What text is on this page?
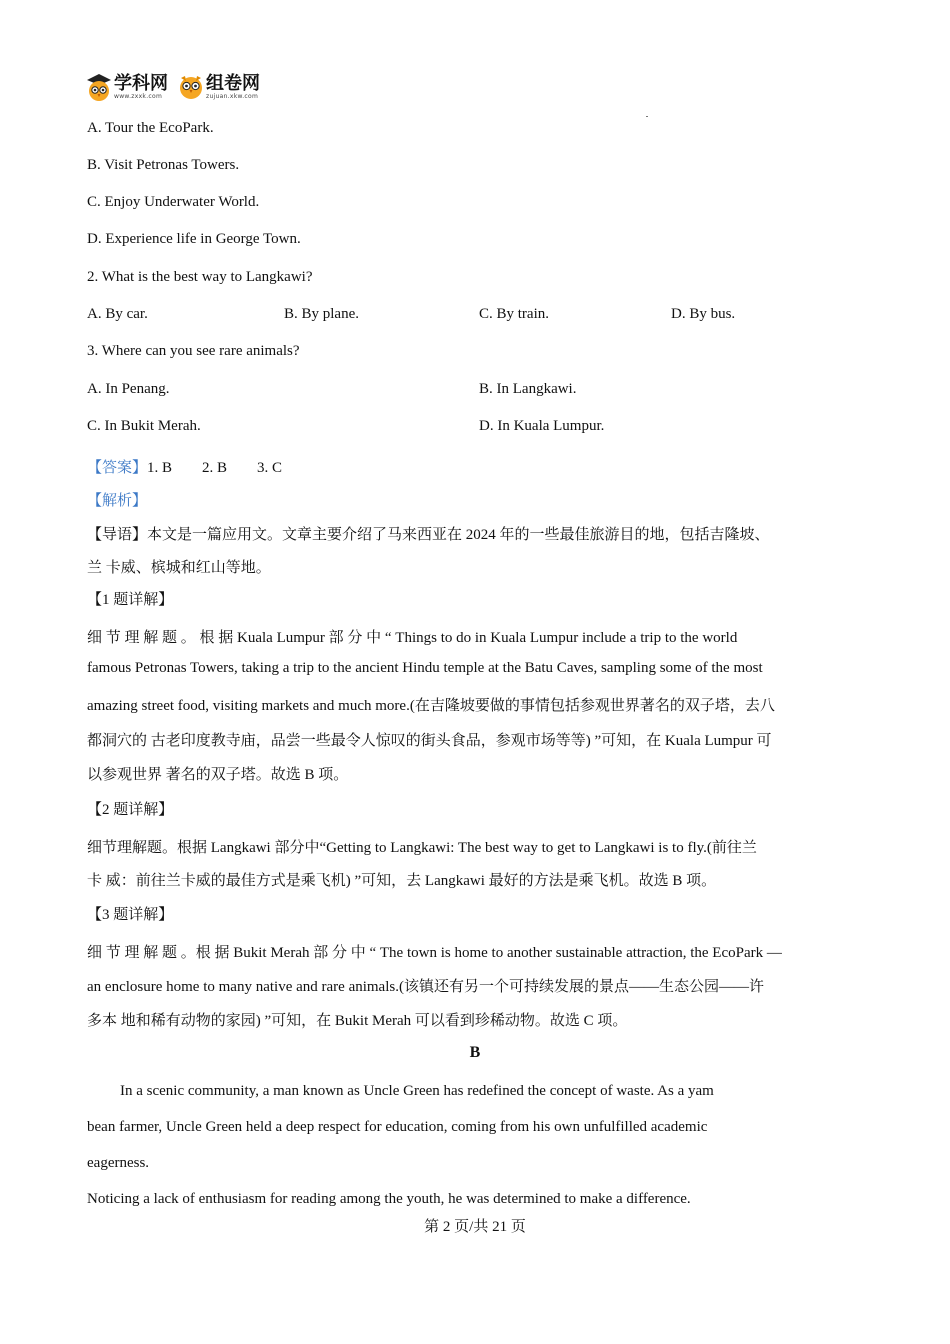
学科网
www.zxxk.com
组卷网
zujuan.xkw.com
A. Tour the EcoPark.
B. Visit Petronas Towers.
C. Enjoy Underwater World.
D. Experience life in George Town.
2. What is the best way to Langkawi?
A. By car.	B. By plane.	C. By train.	D. By bus.
3. Where can you see rare animals?
A. In Penang.	B. In Langkawi.
C. In Bukit Merah.	D. In Kuala Lumpur.
【答案】1. B 2. B 3. C
【解析】
【导语】本文是一篇应用文。文章主要介绍了马来西亚在 2024 年的一些最佳旅游目的地，包括吉隆坡、
兰 卡威、槟城和红山等地。
【1 题详解】
细 节 理 解 题 。 根 据 Kuala Lumpur 部 分 中 “ Things to do in Kuala Lumpur include a trip to the world
famous Petronas Towers, taking a trip to the ancient Hindu temple at the Batu Caves, sampling some of the most
amazing street food, visiting markets and much more.(在吉隆坡要做的事情包括参观世界著名的双子塔，去八
都洞穴的 古老印度教寺庙，品尝一些最令人惊叹的街头食品，参观市场等等) ”可知，在 Kuala Lumpur 可
以参观世界 著名的双子塔。故选 B 项。
【2 题详解】
细节理解题。根据 Langkawi 部分中“Getting to Langkawi: The best way to get to Langkawi is to fly.(前往兰
卡 威：前往兰卡威的最佳方式是乘飞机) ”可知，去 Langkawi 最好的方法是乘飞机。故选 B 项。
【3 题详解】
细 节 理 解 题 。根 据 Bukit Merah 部 分 中 “ The town is home to another sustainable attraction, the EcoPark —
an enclosure home to many native and rare animals.(该镇还有另一个可持续发展的景点——生态公园——许
多本 地和稀有动物的家园) ”可知，在 Bukit Merah 可以看到珍稀动物。故选 C 项。
B
In a scenic community, a man known as Uncle Green has redefined the concept of waste. As a yam
bean farmer, Uncle Green held a deep respect for education, coming from his own unfulfilled academic
eagerness.
Noticing a lack of enthusiasm for reading among the youth, he was determined to make a difference.
第 2 页/共 21 页
